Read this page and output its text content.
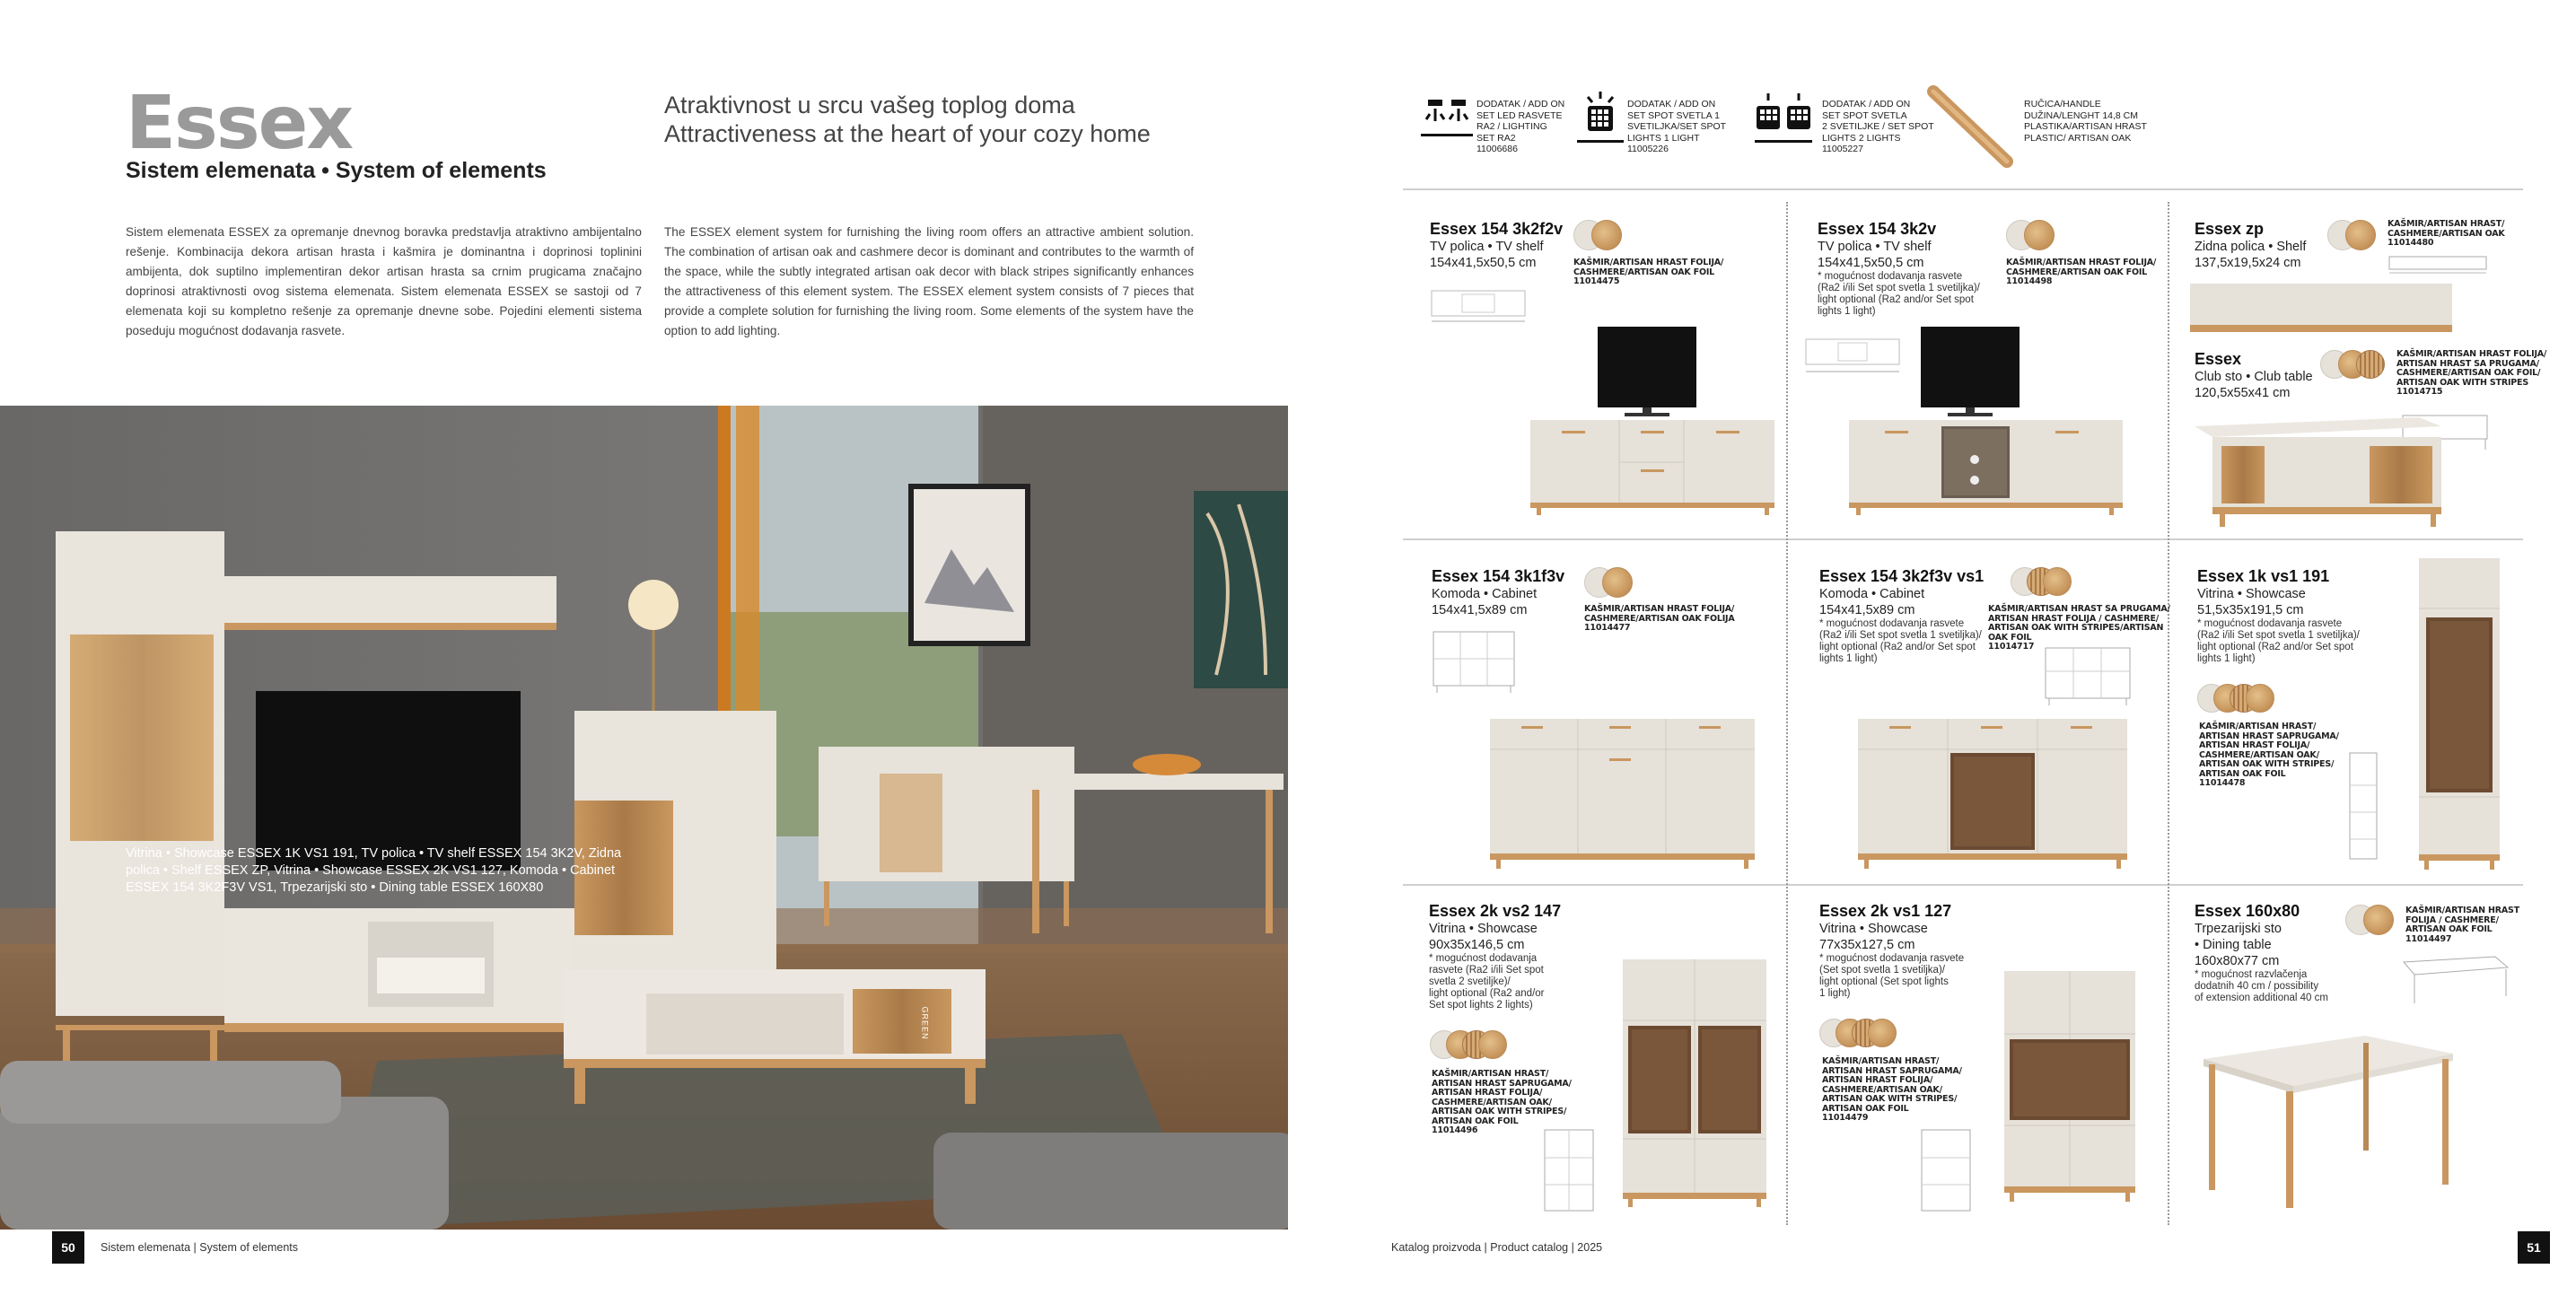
Essex
Sistem elemenata • System of elements
Atraktivnost u srcu vašeg toplog doma
Attractiveness at the heart of your cozy home
Sistem elemenata ESSEX za opremanje dnevnog boravka predstavlja atraktivno ambijentalno rešenje. Kombinacija dekora artisan hrasta i kašmira je dominantna i doprinosi toplinini ambijenta, dok suptilno implementiran dekor artisan hrasta sa crnim prugicama značajno doprinosi atraktivnosti ovog sistema elemenata. Sistem elemenata ESSEX se sastoji od 7 elemenata koji su kompletno rešenje za opremanje dnevne sobe. Pojedini elementi sistema poseduju mogućnost dodavanja rasvete.
The ESSEX element system for furnishing the living room offers an attractive ambient solution. The combination of artisan oak and cashmere decor is dominant and contributes to the warmth of the space, while the subtly integrated artisan oak decor with black stripes significantly enhances the attractiveness of this element system. The ESSEX element system consists of 7 pieces that provide a complete solution for furnishing the living room. Some elements of the system have the option to add lighting.
Vitrina • Showcase ESSEX 1K VS1 191, TV polica • TV shelf ESSEX 154 3K2V, Zidna polica • Shelf ESSEX ZP, Vitrina • Showcase ESSEX 2K VS1 127, Komoda • Cabinet ESSEX 154 3K2F3V VS1, Trpezarijski sto • Dining table ESSEX 160X80
GREEN
50	Sistem elemenata | System of elements
DODATAK / ADD ON
SET LED RASVETE
RA2 / LIGHTING
SET RA2
11006686
DODATAK / ADD ON
SET SPOT SVETLA 1
SVETILJKA/SET SPOT
LIGHTS 1 LIGHT
11005226
DODATAK / ADD ON
SET SPOT SVETLA
2 SVETILJKE / SET SPOT
LIGHTS 2 LIGHTS
11005227
RUČICA/HANDLE
DUŽINA/LENGHT 14,8 CM
PLASTIKA/ARTISAN HRAST
PLASTIC/ ARTISAN OAK
Essex 154 3k2f2v
TV polica • TV shelf
154x41,5x50,5 cm	KAŠMIR/ARTISAN HRAST FOLIJA/
CASHMERE/ARTISAN OAK FOIL
11014475
Essex 154 3k2v
TV polica • TV shelf
154x41,5x50,5 cm
* mogućnost dodavanja rasvete
(Ra2 i/ili Set spot svetla 1 svetiljka)/
light optional (Ra2 and/or Set spot
lights 1 light)
KAŠMIR/ARTISAN HRAST FOLIJA/
CASHMERE/ARTISAN OAK FOIL
11014498
Essex zp
Zidna polica • Shelf
137,5x19,5x24 cm
KAŠMIR/ARTISAN HRAST/
CASHMERE/ARTISAN OAK
11014480
Essex
Club sto • Club table
120,5x55x41 cm
KAŠMIR/ARTISAN HRAST FOLIJA/
ARTISAN HRAST SA PRUGAMA/
CASHMERE/ARTISAN OAK FOIL/
ARTISAN OAK WITH STRIPES
11014715
Essex 154 3k1f3v
Komoda • Cabinet
154x41,5x89 cm	KAŠMIR/ARTISAN HRAST FOLIJA/
CASHMERE/ARTISAN OAK FOLIJA
11014477
Essex 154 3k2f3v vs1
Komoda • Cabinet
154x41,5x89 cm
* mogućnost dodavanja rasvete
(Ra2 i/ili Set spot svetla 1 svetiljka)/
light optional (Ra2 and/or Set spot
lights 1 light)
KAŠMIR/ARTISAN HRAST SA PRUGAMA/
ARTISAN HRAST FOLIJA / CASHMERE/
ARTISAN OAK WITH STRIPES/ARTISAN
OAK FOIL
11014717
Essex 1k vs1 191
Vitrina • Showcase
51,5x35x191,5 cm
* mogućnost dodavanja rasvete
(Ra2 i/ili Set spot svetla 1 svetiljka)/
light optional (Ra2 and/or Set spot
lights 1 light)
KAŠMIR/ARTISAN HRAST/
ARTISAN HRAST SAPRUGAMA/
ARTISAN HRAST FOLIJA/
CASHMERE/ARTISAN OAK/
ARTISAN OAK WITH STRIPES/
ARTISAN OAK FOIL
11014478
Essex 2k vs2 147
Vitrina • Showcase
90x35x146,5 cm
* mogućnost dodavanja
rasvete (Ra2 i/ili Set spot
svetla 2 svetiljke)/
light optional (Ra2 and/or
Set spot lights 2 lights)
KAŠMIR/ARTISAN HRAST/
ARTISAN HRAST SAPRUGAMA/
ARTISAN HRAST FOLIJA/
CASHMERE/ARTISAN OAK/
ARTISAN OAK WITH STRIPES/
ARTISAN OAK FOIL
11014496
Essex 2k vs1 127
Vitrina • Showcase
77x35x127,5 cm
* mogućnost dodavanja rasvete
(Set spot svetla 1 svetiljka)/
light optional (Set spot lights
1 light)
KAŠMIR/ARTISAN HRAST/
ARTISAN HRAST SAPRUGAMA/
ARTISAN HRAST FOLIJA/
CASHMERE/ARTISAN OAK/
ARTISAN OAK WITH STRIPES/
ARTISAN OAK FOIL
11014479
Essex 160x80
Trpezarijski sto
• Dining table
160x80x77 cm
* mogućnost razvlačenja
dodatnih 40 cm / possibility
of extension additional 40 cm
KAŠMIR/ARTISAN HRAST
FOLIJA / CASHMERE/
ARTISAN OAK FOIL
11014497
Katalog proizvoda | Product catalog | 2025	51
